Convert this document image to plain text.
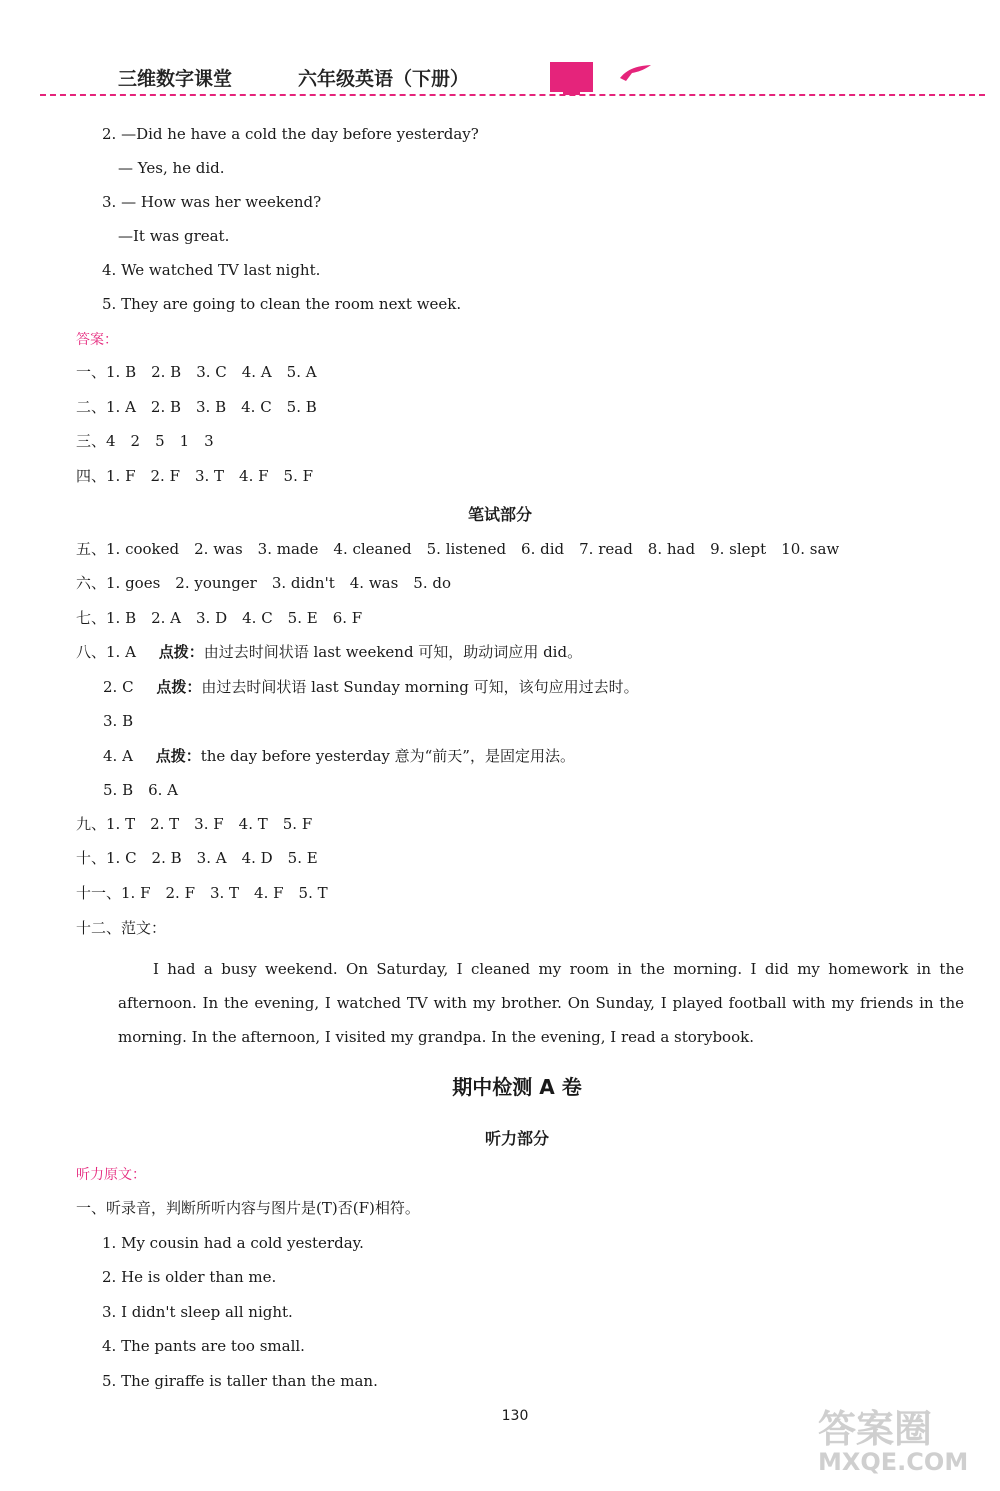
三维数字课堂	六年级英语（下册）
2. —Did he have a cold the day before yesterday?
— Yes, he did.
3. — How was her weekend?
—It was great.
4. We watched TV last night.
5. They are going to clean the room next week.
答案：
一、1. B　2. B　3. C　4. A　5. A
二、1. A　2. B　3. B　4. C　5. B
三、4　2　5　1　3
四、1. F　2. F　3. T　4. F　5. F
笔试部分
五、1. cooked　2. was　3. made　4. cleaned　5. listened　6. did　7. read　8. had　9. slept　10. saw
六、1. goes　2. younger　3. didn't　4. was　5. do
七、1. B　2. A　3. D　4. C　5. E　6. F
八、1. A 点拨：由过去时间状语 last weekend 可知，助动词应用 did。
2. C 点拨：由过去时间状语 last Sunday morning 可知，该句应用过去时。
3. B
4. A 点拨：the day before yesterday 意为“前天”，是固定用法。
5. B　6. A
九、1. T　2. T　3. F　4. T　5. F
十、1. C　2. B　3. A　4. D　5. E
十一、1. F　2. F　3. T　4. F　5. T
十二、范文：
I had a busy weekend. On Saturday, I cleaned my room in the morning. I did my homework in the afternoon. In the evening, I watched TV with my brother. On Sunday, I played football with my friends in the morning. In the afternoon, I visited my grandpa. In the evening, I read a storybook.
期中检测 A 卷
听力部分
听力原文：
一、听录音，判断所听内容与图片是(T)否(F)相符。
1. My cousin had a cold yesterday.
2. He is older than me.
3. I didn't sleep all night.
4. The pants are too small.
5. The giraffe is taller than the man.
130	答案圈
MXQE.COM
